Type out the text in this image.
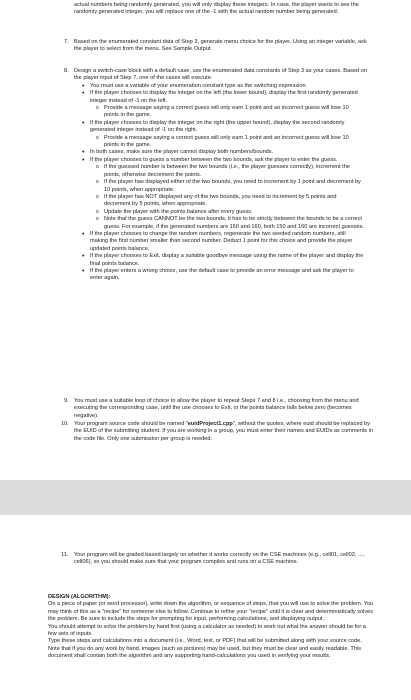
actual numbers being randomly generated, you will only display these integers. In case, the player wants to see the randomly generated integer, you will replace one of the -1 with the actual random number being generated.

7. Based on the enumerated constant data of Step 3, generate menu choice for the player. Using an integer variable, ask the player to select from the menu. See Sample Output.

8. Design a switch-case block with a default case, use the enumerated data constants of Step 3 as your cases. Based on the player input of Step 7, one of the cases will execute.

• You must use a variable of your enumeration constant type as the switching expression.
• If the player chooses to display the integer on the left (the lower bound), display the first randomly generated integer instead of -1 on the left.
o Provide a message saying a correct guess will only earn 1 point and an incorrect guess will lose 10 points in the game.
• If the player chooses to display the integer on the right (the upper bound), display the second randomly generated integer instead of -1 on the right.
o Provide a message saying a correct guess will only earn 1 point and an incorrect guess will lose 10 points in the game.
• In both cases, make sure the player cannot display both numbers/bounds.
• If the player chooses to guess a number between the two bounds, ask the player to enter the guess.
o If the guessed number is between the two bounds (i.e., the player guesses correctly), increment the points, otherwise decrement the points.
o If the player has displayed either of the two bounds, you need to increment by 1 point and decrement by 10 points, when appropriate.
o If the player has NOT displayed any of the two bounds, you need to increment by 5 points and decrement by 5 points, when appropriate.
o Update the player with the points balance after every guess.
o Note that the guess CANNOT be the two bounds, it has to be strictly between the bounds to be a correct guess. For example, if the generated numbers are 150 and 160, both 150 and 160 are incorrect guesses.
• If the player chooses to change the random numbers, regenerate the two seeded random numbers, still making the first number smaller than second number. Deduct 1 point for this choice and provide the player updated points balance.
• If the player chooses to Exit, display a suitable goodbye message using the name of the player and display the final points balance.
• If the player enters a wrong choice, use the default case to provide an error message and ask the player to enter again.
9. You must use a suitable loop of choice to allow the player to repeat Steps 7 and 8 i.e., choosing from the menu and executing the corresponding case, until the use chooses to Exit, or the points balance falls below zero (becomes negative).

10. Your program source code should be named "euidProject1.cpp", without the quotes, where euid should be replaced by the EUID of the submitting student. If you are working in a group, you must enter their names and EUIDs as comments in the code file. Only one submission per group is needed.

11.	Your program will be graded based largely on whether it works correctly on the CSE machines (e.g., cell01, cell02, ..., cell06), so you should make sure that your program compiles and runs on a CSE machine.

DESIGN (ALGORITHM):

On a piece of paper (or word processor), write down the algorithm, or sequence of steps, that you will use to solve the problem. You may think of this as a "recipe" for someone else to follow. Continue to refine your "recipe" until it is clear and deterministically solves the problem. Be sure to include the steps for prompting for input, performing calculations, and displaying output.

You should attempt to solve the problem by hand first (using a calculator as needed) to work out what the answer should be for a few sets of inputs.

Type these steps and calculations into a document (i.e., Word, text, or PDF) that will be submitted along with your source code. Note that if you do any work by hand, images (such as pictures) may be used, but they must be clear and easily readable. This document shall contain both the algorithm and any supporting hand-calculations you used in verifying your results.
